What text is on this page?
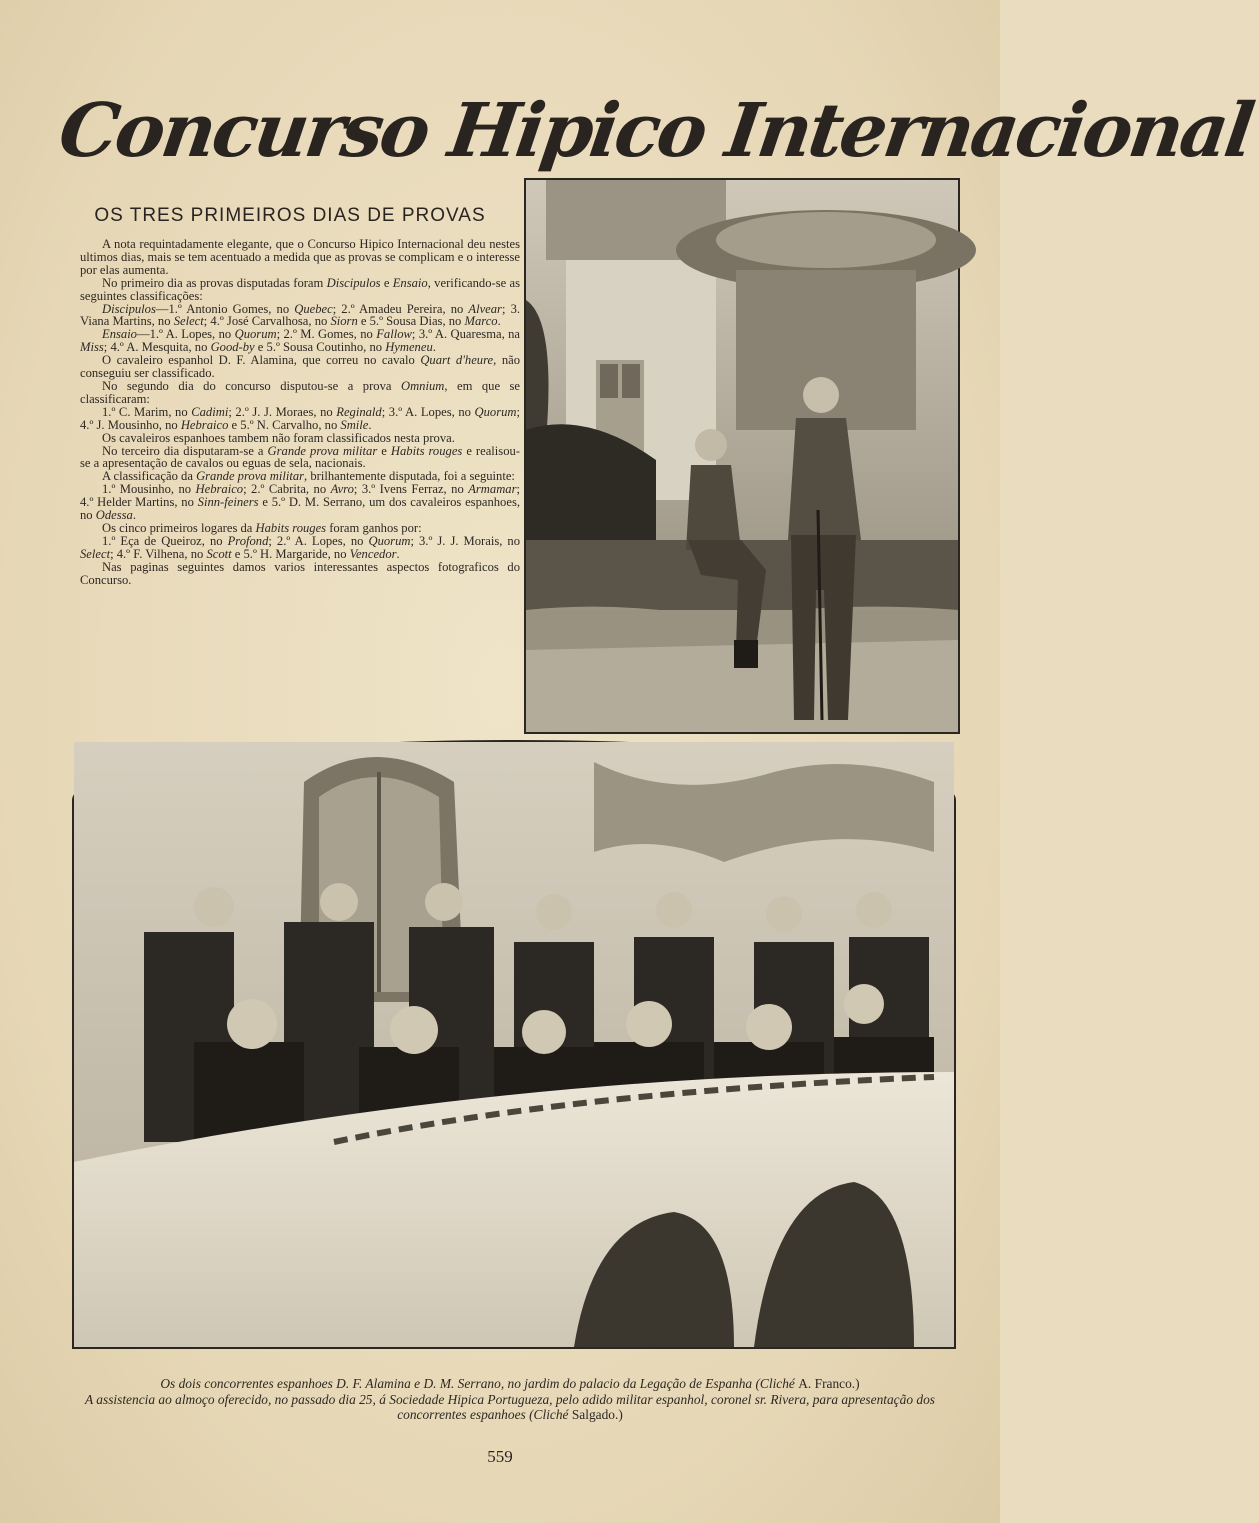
Concurso Hipico Internacional
OS TRES PRIMEIROS DIAS DE PROVAS

A nota requintadamente elegante, que o Concurso Hipico Internacional deu nestes ultimos dias, mais se tem acentuado a medida que as provas se complicam e o interesse por elas aumenta.

No primeiro dia as provas disputadas foram Discipulos e Ensaio, verificando-se as seguintes classificações:

Discipulos—1.º Antonio Gomes, no Quebec; 2.º Amadeu Pereira, no Alvear; 3. Viana Martins, no Select; 4.º José Carvalhosa, no Siorn e 5.º Sousa Dias, no Marco.

Ensaio—1.º A. Lopes, no Quorum; 2.º M. Gomes, no Fallow; 3.º A. Quaresma, na Miss; 4.º A. Mesquita, no Good-by e 5.º Sousa Coutinho, no Hymeneu.

O cavaleiro espanhol D. F. Alamina, que correu no cavalo Quart d'heure, não conseguiu ser classificado.

No segundo dia do concurso disputou-se a prova Omnium, em que se classificaram:

1.º C. Marim, no Cadimi; 2.º J. J. Moraes, no Reginald; 3.º A. Lopes, no Quorum; 4.º J. Mousinho, no Hebraico e 5.º N. Carvalho, no Smile.

Os cavaleiros espanhoes tambem não foram classificados nesta prova.

No terceiro dia disputaram-se a Grande prova militar e Habits rouges e realisou-se a apresentação de cavalos ou eguas de sela, nacionais.

A classificação da Grande prova militar, brilhantemente disputada, foi a seguinte:

1.º Mousinho, no Hebraico; 2.º Cabrita, no Avro; 3.º Ivens Ferraz, no Armamar; 4.º Helder Martins, no Sinn-feiners e 5.º D. M. Serrano, um dos cavaleiros espanhoes, no Odessa.

Os cinco primeiros logares da Habits rouges foram ganhos por:

1.º Eça de Queiroz, no Profond; 2.º A. Lopes, no Quorum; 3.º J. J. Morais, no Select; 4.º F. Vilhena, no Scott e 5.º H. Margaride, no Vencedor.

Nas paginas seguintes damos varios interessantes aspectos fotograficos do Concurso.

Os dois concorrentes espanhoes D. F. Alamina e D. M. Serrano, no jardim do palacio da Legação de Espanha (Cliché A. Franco.)

A assistencia ao almoço oferecido, no passado dia 25, á Sociedade Hipica Portugueza, pelo adido militar espanhol, coronel sr. Rivera, para apresentação dos concorrentes espanhoes (Cliché Salgado.)

559
